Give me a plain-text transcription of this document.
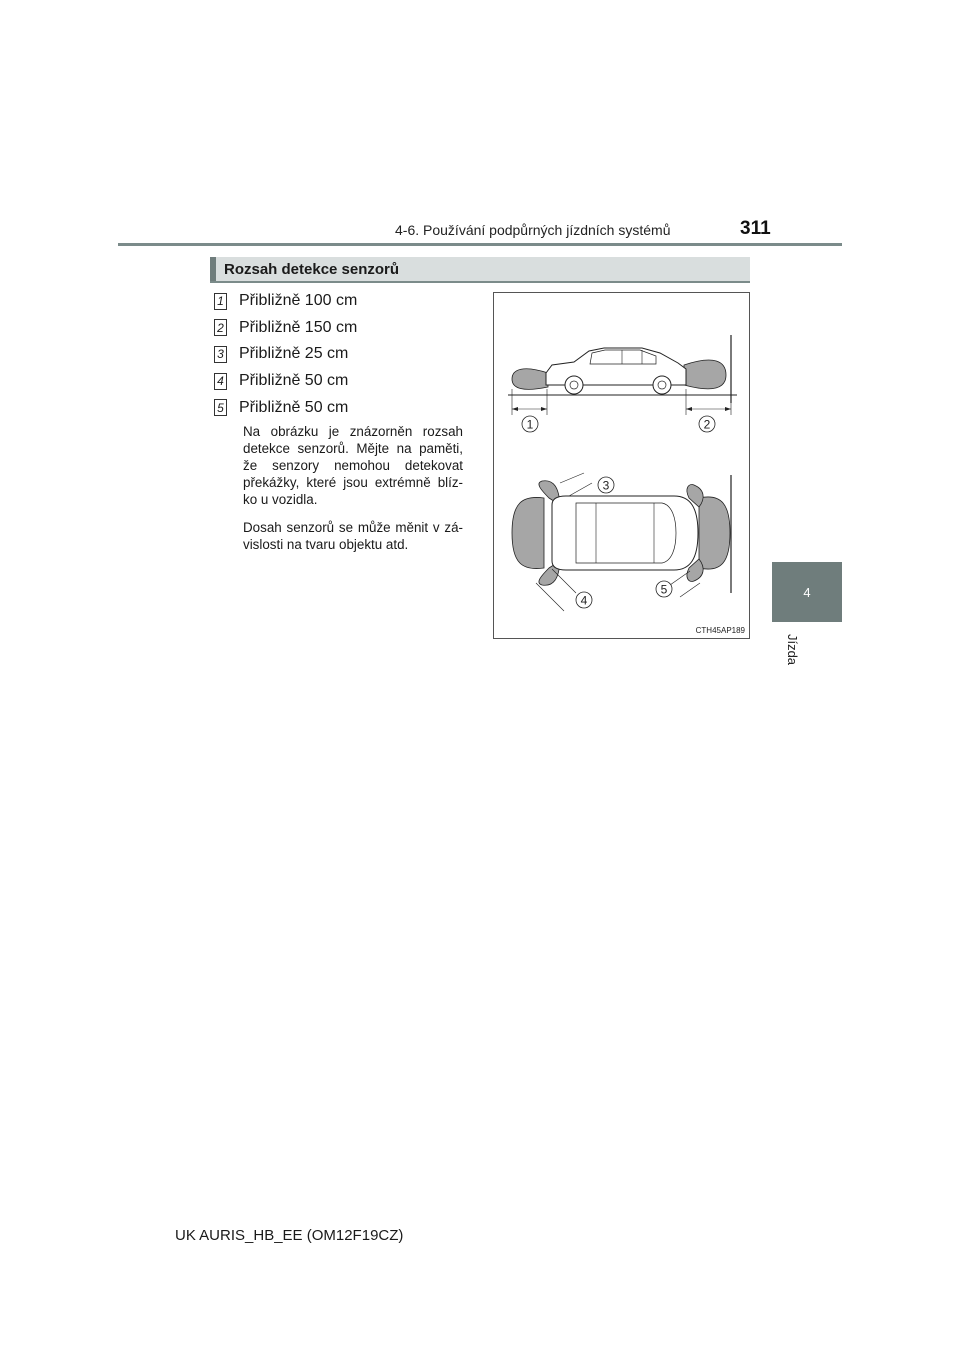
4-6. Používání podpůrných jízdních systémů	311
4
Jízda
Rozsah detekce senzorů
1 Přibližně 100 cm
2 Přibližně 150 cm
3 Přibližně 25 cm
4 Přibližně 50 cm
5 Přibližně 50 cm

Na obrázku je znázorněn rozsah detekce senzorů. Mějte na paměti, že senzory nemohou detekovat překážky, které jsou extrémně blíz-ko u vozidla.

Dosah senzorů se může měnit v zá-vislosti na tvaru objektu atd.

1	2
3
4
5
CTH45AP189
UK AURIS_HB_EE (OM12F19CZ)
